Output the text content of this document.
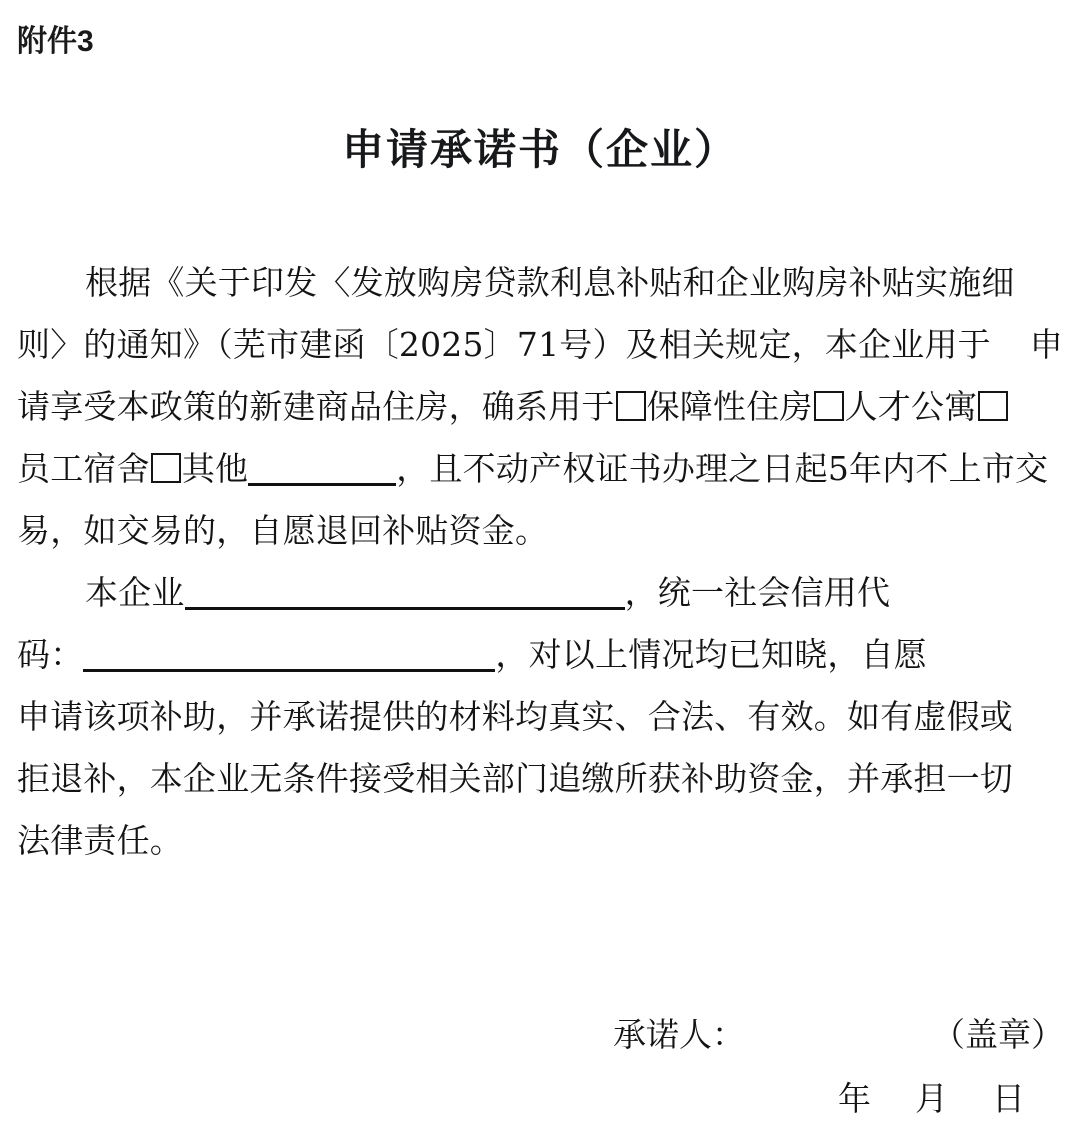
附件3
申请承诺书（企业）
根据《关于印发〈发放购房贷款利息补贴和企业购房补贴实施细
则〉的通知》（芜市建函〔2025〕71号）及相关规定，本企业用于 申
请享受本政策的新建商品住房，确系用于 保障性住房 人才公寓
员工宿舍 其他	，且不动产权证书办理之日起5年内不上市交
易，如交易的，自愿退回补贴资金。
本企业	，统一社会信用代
码：	，对以上情况均已知晓，自愿
申请该项补助，并承诺提供的材料均真实、合法、有效。如有虚假或
拒退补，本企业无条件接受相关部门追缴所获补助资金，并承担一切
法律责任。
承诺人：	（盖章）
年 月 日
